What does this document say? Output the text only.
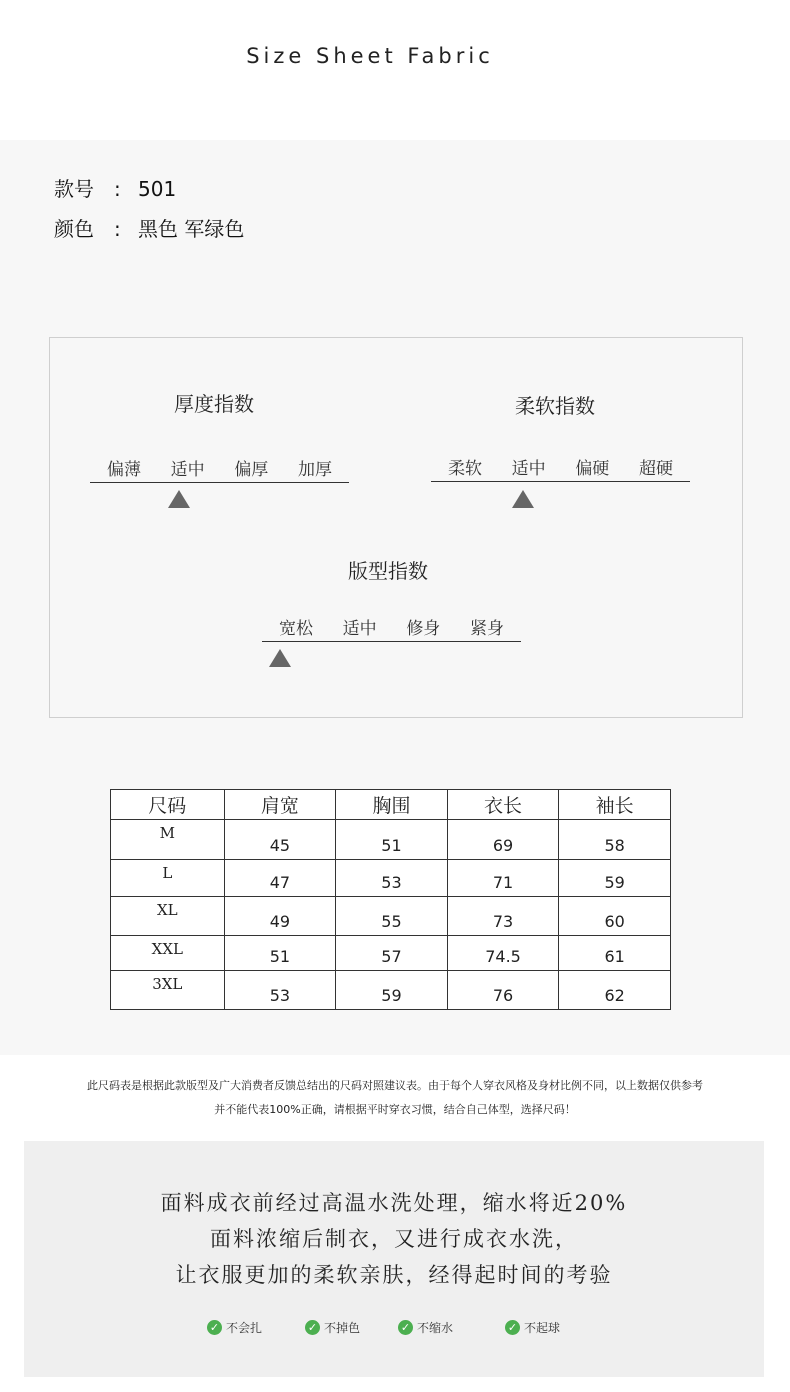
Size Sheet Fabric
款号 : 501
颜色 : 黑色 军绿色
厚度指数
偏薄	适中	偏厚	加厚
柔软指数
柔软	适中	偏硬	超硬
版型指数
宽松	适中	修身	紧身
尺码	肩宽	胸围	衣长	袖长
M	45	51	69	58
L	47	53	71	59
XL	49	55	73	60
XXL	51	57	74.5	61
3XL	53	59	76	62
此尺码表是根据此款版型及广大消费者反馈总结出的尺码对照建议表。由于每个人穿衣风格及身材比例不同，以上数据仅供参考
并不能代表100%正确，请根据平时穿衣习惯，结合自己体型，选择尺码！
面料成衣前经过高温水洗处理，缩水将近20%
面料浓缩后制衣，又进行成衣水洗，
让衣服更加的柔软亲肤，经得起时间的考验
✓ 不会扎	✓ 不掉色	✓ 不缩水	✓ 不起球
